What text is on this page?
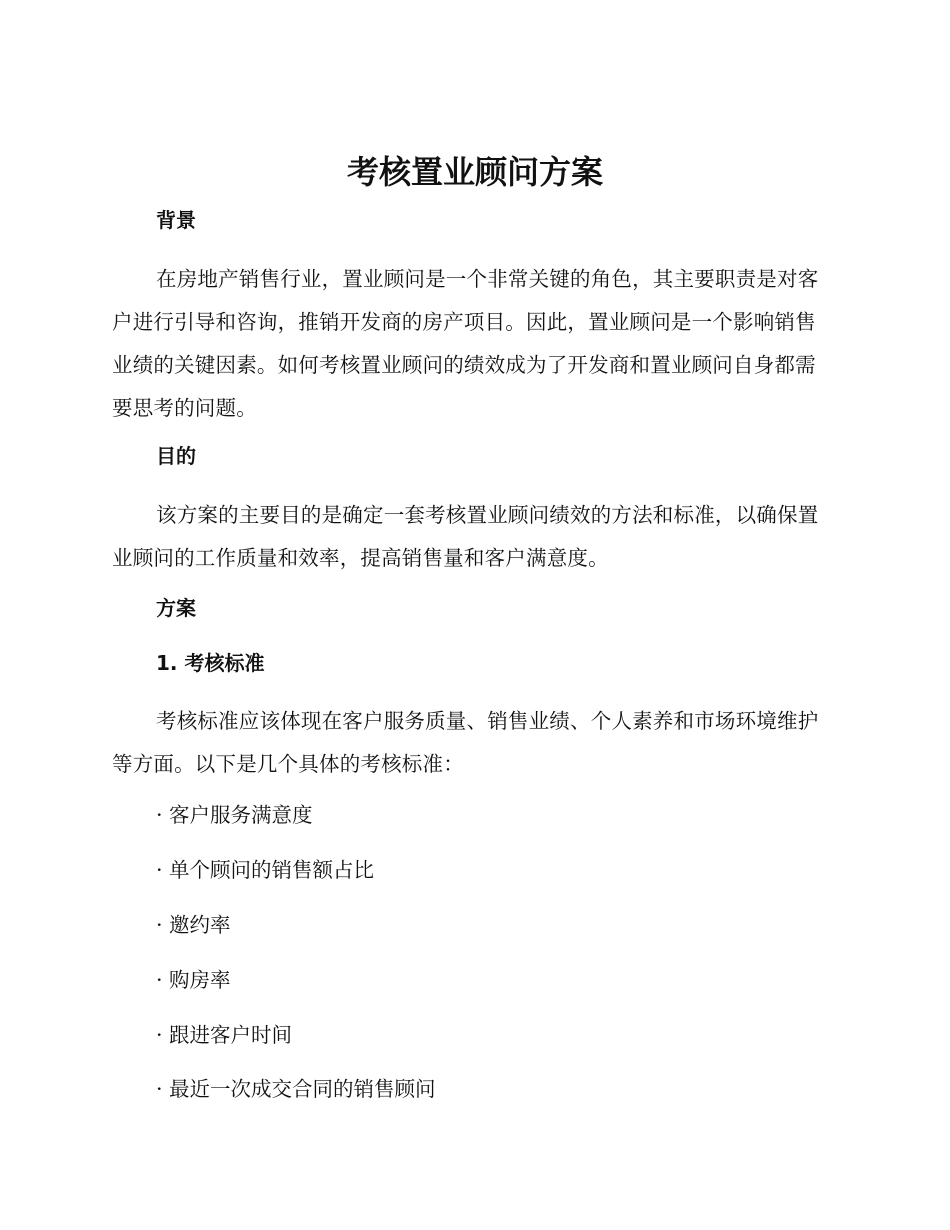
考核置业顾问方案
背景

在房地产销售行业，置业顾问是一个非常关键的角色，其主要职责是对客户进行引导和咨询，推销开发商的房产项目。因此，置业顾问是一个影响销售业绩的关键因素。如何考核置业顾问的绩效成为了开发商和置业顾问自身都需要思考的问题。

目的

该方案的主要目的是确定一套考核置业顾问绩效的方法和标准，以确保置业顾问的工作质量和效率，提高销售量和客户满意度。

方案
1. 考核标准

考核标准应该体现在客户服务质量、销售业绩、个人素养和市场环境维护等方面。以下是几个具体的考核标准：

· 客户服务满意度

· 单个顾问的销售额占比

· 邀约率

· 购房率

· 跟进客户时间

· 最近一次成交合同的销售顾问
